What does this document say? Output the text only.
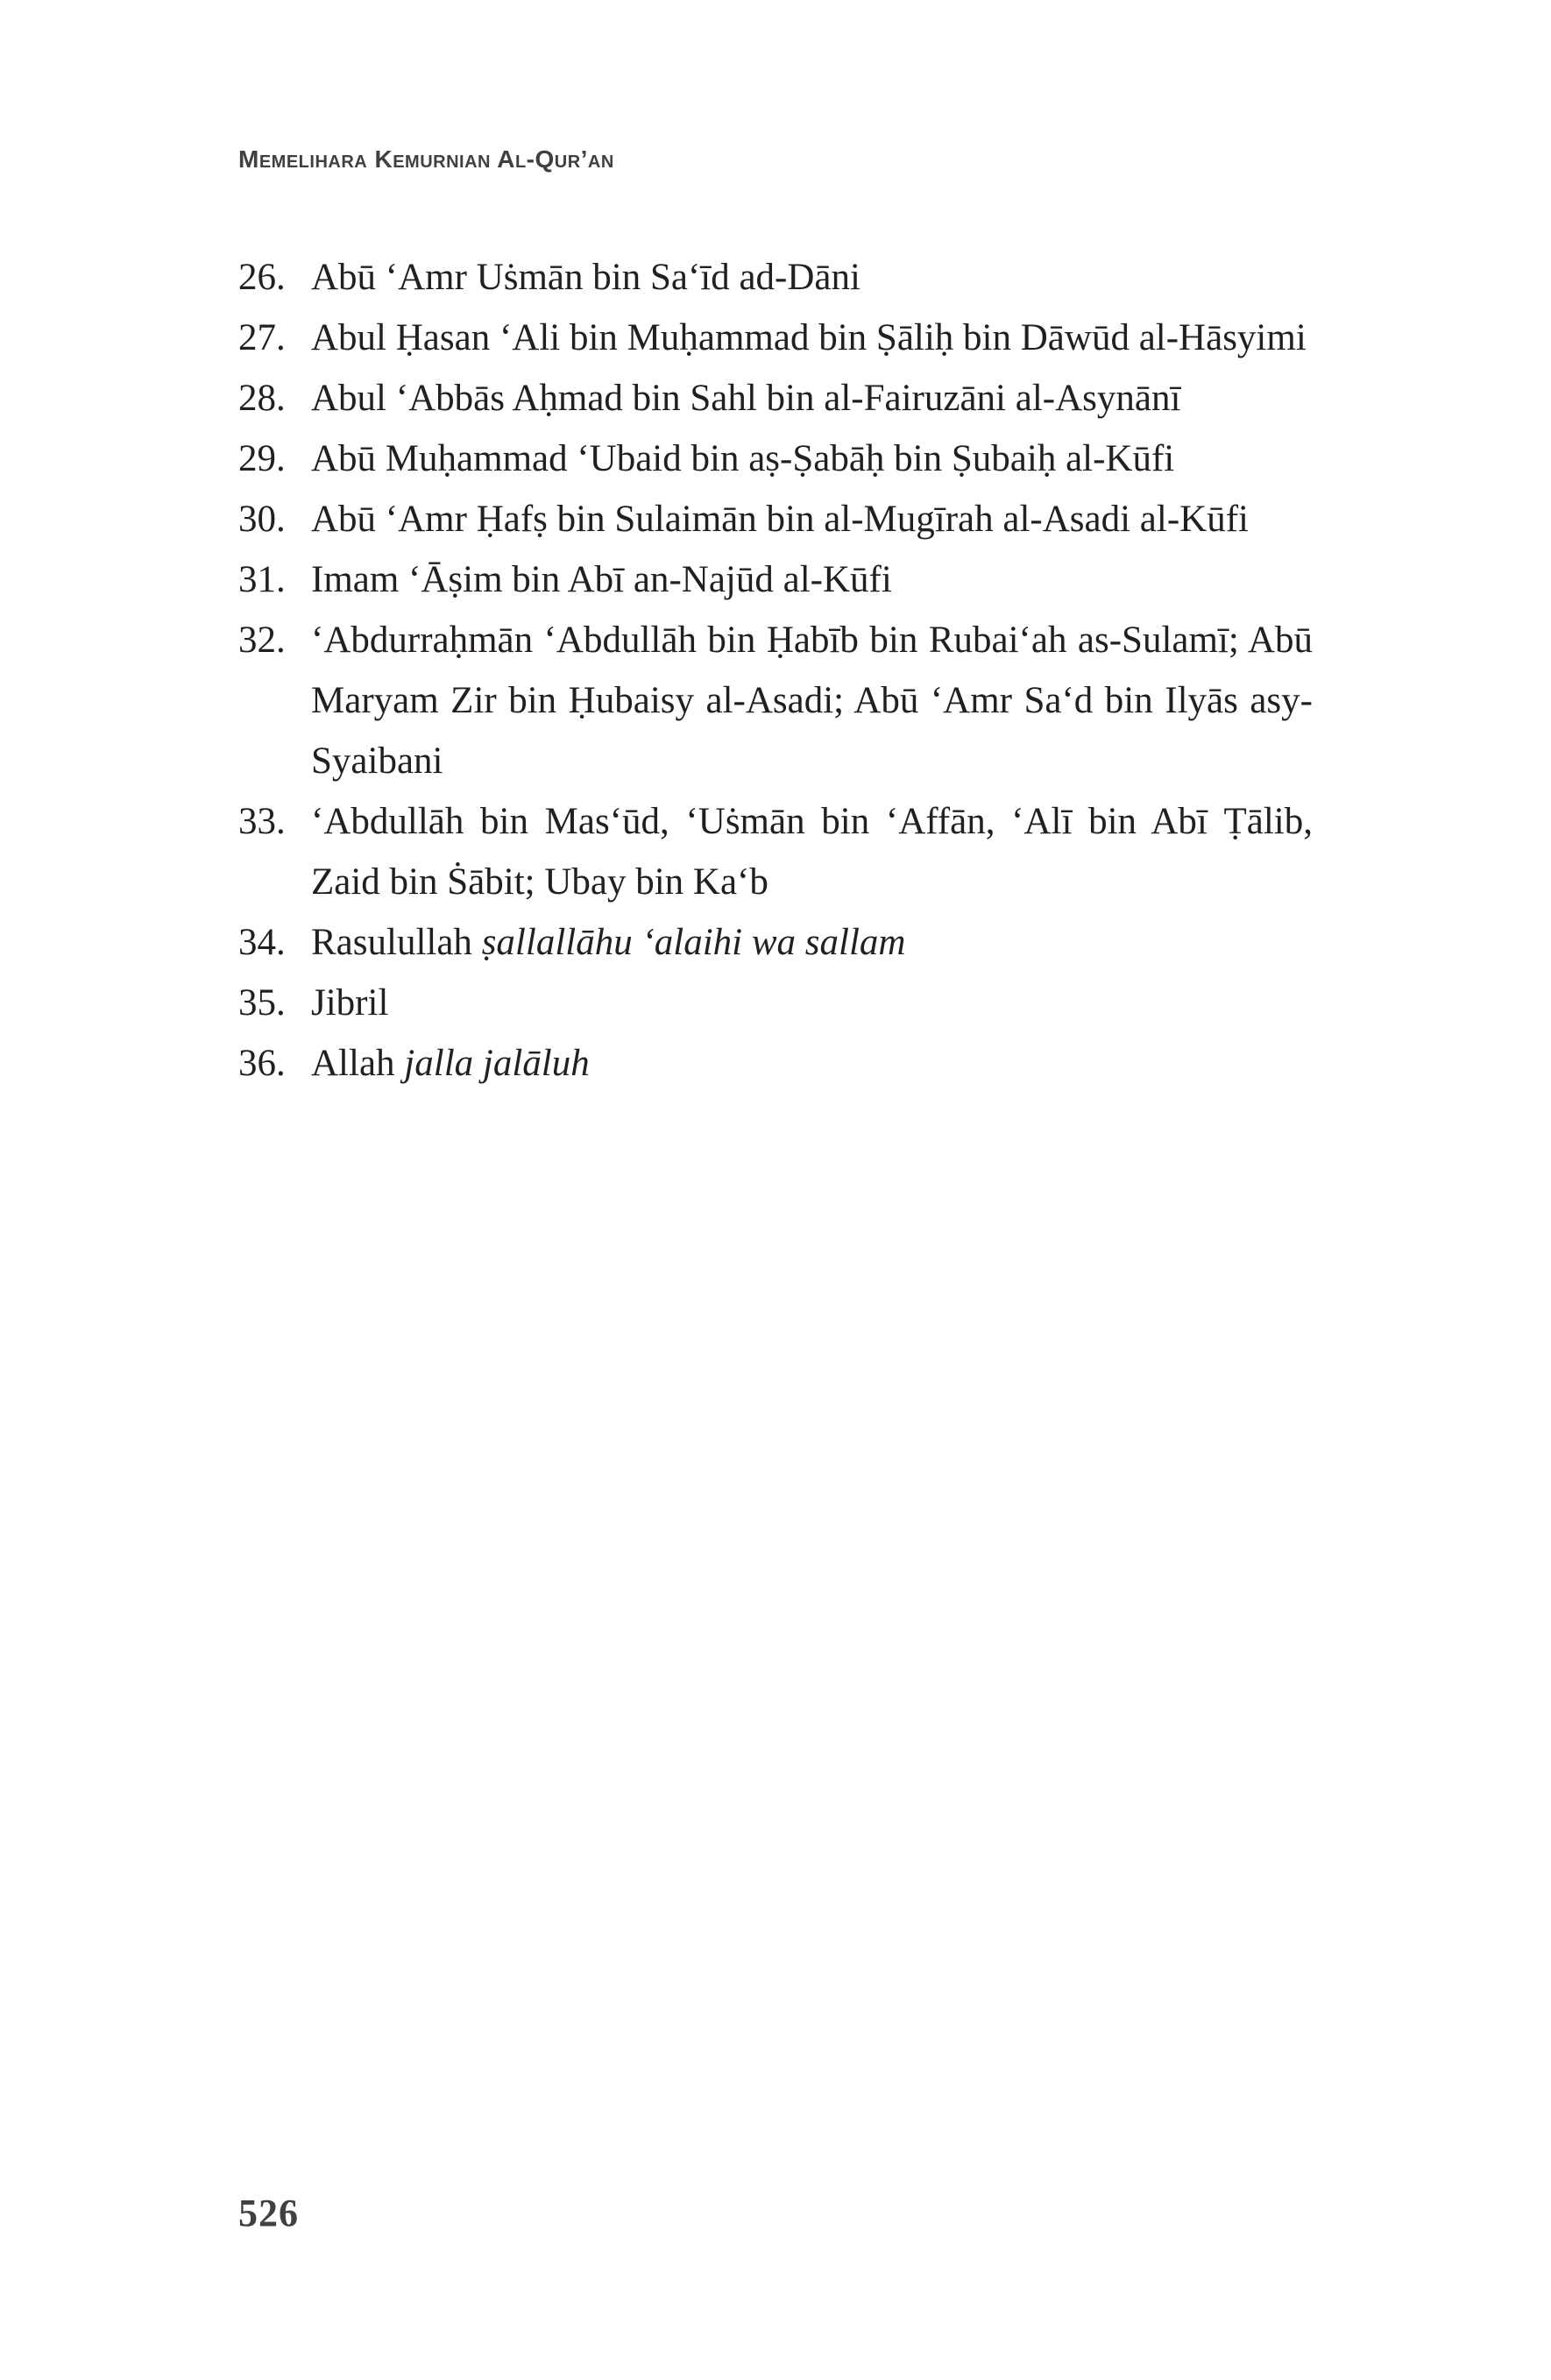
Memelihara Kemurnian Al-Qur’an
26. Abū ‘Amr Uṡmān bin Sa‘īd ad-Dāni
27. Abul Ḥasan ‘Ali bin Muḥammad bin Ṣāliḥ bin Dāwūd al-Hāsyimi
28. Abul ‘Abbās Aḥmad bin Sahl bin al-Fairuzāni al-Asynānī
29. Abū Muḥammad ‘Ubaid bin aṣ-Ṣabāḥ bin Ṣubaiḥ al-Kūfi
30. Abū ‘Amr Ḥafṣ bin Sulaimān bin al-Mugīrah al-Asadi al-Kūfi
31. Imam ‘Āṣim bin Abī an-Najūd al-Kūfi
32. ‘Abdurraḥmān ‘Abdullāh bin Ḥabīb bin Rubai‘ah as-Sulamī; Abū Maryam Zir bin Ḥubaisy al-Asadi; Abū ‘Amr Sa‘d bin Ilyās asy-Syaibani
33. ‘Abdullāh bin Mas‘ūd, ‘Uṡmān bin ‘Affān, ‘Alī bin Abī Ṭālib, Zaid bin Ṡābit; Ubay bin Ka‘b
34. Rasulullah ṣallallāhu ‘alaihi wa sallam
35. Jibril
36. Allah jalla jalāluh
526
